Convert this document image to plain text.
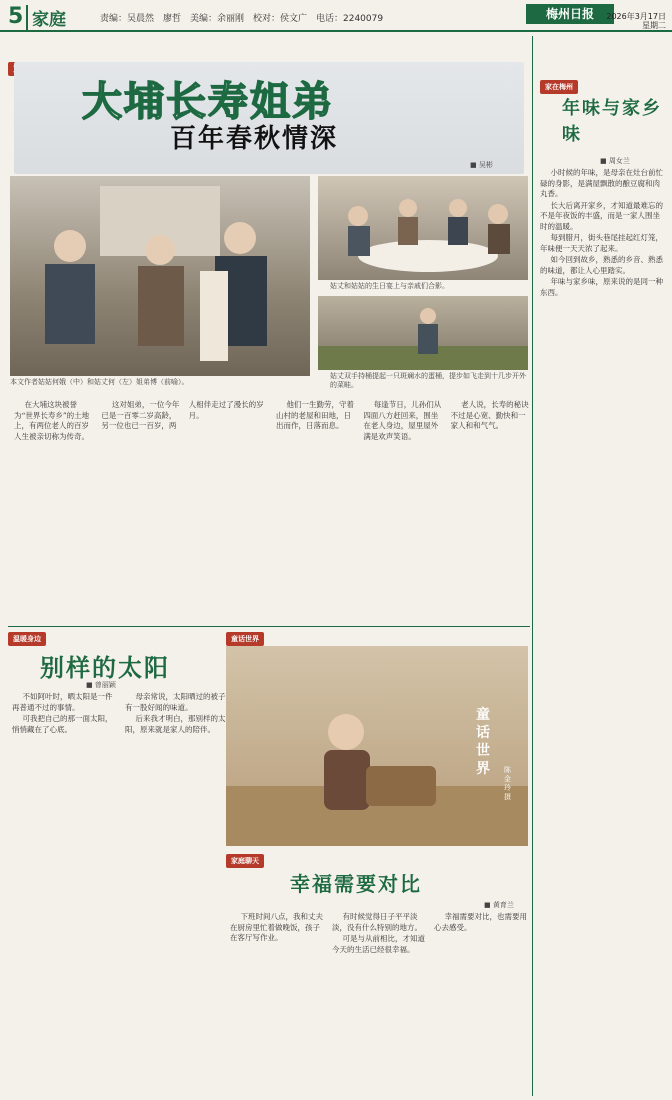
5 家庭	责编：吴晨然　廖哲　美编：余丽刚　校对：侯文广　电话：2240079	梅州日报	2026年3月17日
星期二
大埔长寿姐弟
百年春秋情深
■ 吴彬
本文作者姑姑何娥（中）和姑丈何（左）姐弟博（前喻）。
姑丈和姑姑的生日宴上与亲戚们合影。
姑丈双手持桶提起一只斑斓水的蛋桶，提步如飞走到十几步开外的菜畦。

在大埔这块被誉为“世界长寿乡”的土地上，有两位老人的百岁人生被亲切称为传奇。

这对姐弟，一位今年已是一百零二岁高龄，另一位也已一百岁，两人相伴走过了漫长的岁月。

他们一生勤劳，守着山村的老屋和田地，日出而作，日落而息。

每逢节日，儿孙们从四面八方赶回来，围坐在老人身边，屋里屋外满是欢声笑语。

老人说，长寿的秘诀不过是心宽、勤快和一家人和和气气。

家在梅州
年味与家乡味
■ 周女兰

小时候的年味，是母亲在灶台前忙碌的身影，是满屋飘散的酿豆腐和肉丸香。

长大后离开家乡，才知道最难忘的不是年夜饭的丰盛，而是一家人围坐时的温暖。

每到腊月，街头巷尾挂起红灯笼，年味便一天天浓了起来。

如今回到故乡，熟悉的乡音、熟悉的味道，都让人心里踏实。

年味与家乡味，原来说的是同一种东西。

温暖身边
别样的太阳
■ 曾丽颖

不如阿叶时，晒太阳是一件再普通不过的事情。

可我把自己的那一面太阳，悄悄藏在了心底。

母亲常说，太阳晒过的被子有一股好闻的味道。

后来我才明白，那别样的太阳，原来就是家人的陪伴。

童话世界
童话世界	陈金玲 摄
家庭聊天
幸福需要对比
■ 黄育兰

下班时间八点，我和丈夫在厨房里忙着做晚饭，孩子在客厅写作业。

有时候觉得日子平平淡淡，没有什么特别的地方。

可是与从前相比，才知道今天的生活已经很幸福。

幸福需要对比，也需要用心去感受。
